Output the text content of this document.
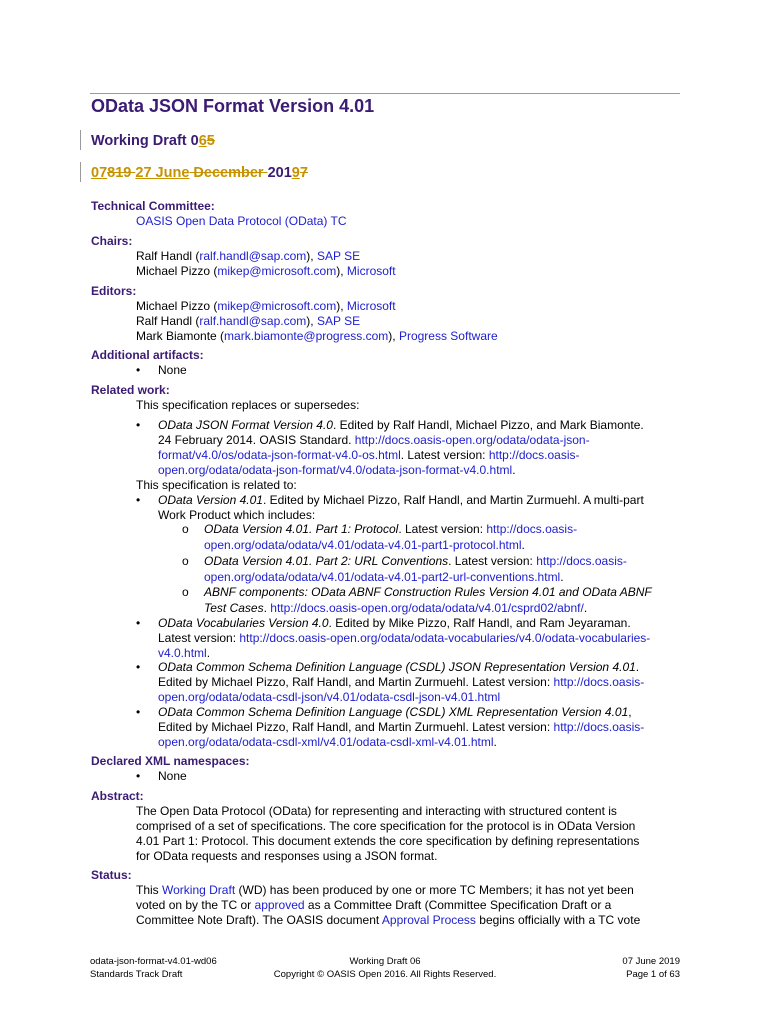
OData JSON Format Version 4.01
Working Draft 065
07819 27 June December 20197
Technical Committee:
OASIS Open Data Protocol (OData) TC
Chairs:
Ralf Handl (ralf.handl@sap.com), SAP SE
Michael Pizzo (mikep@microsoft.com), Microsoft
Editors:
Michael Pizzo (mikep@microsoft.com), Microsoft
Ralf Handl (ralf.handl@sap.com), SAP SE
Mark Biamonte (mark.biamonte@progress.com), Progress Software
Additional artifacts:
• None
Related work:
This specification replaces or supersedes:
• OData JSON Format Version 4.0. Edited by Ralf Handl, Michael Pizzo, and Mark Biamonte.
24 February 2014. OASIS Standard. http://docs.oasis-open.org/odata/odata-json-
format/v4.0/os/odata-json-format-v4.0-os.html. Latest version: http://docs.oasis-
open.org/odata/odata-json-format/v4.0/odata-json-format-v4.0.html.
This specification is related to:
• OData Version 4.01. Edited by Michael Pizzo, Ralf Handl, and Martin Zurmuehl. A multi-part
Work Product which includes:
o OData Version 4.01. Part 1: Protocol. Latest version: http://docs.oasis-
open.org/odata/odata/v4.01/odata-v4.01-part1-protocol.html.
o OData Version 4.01. Part 2: URL Conventions. Latest version: http://docs.oasis-
open.org/odata/odata/v4.01/odata-v4.01-part2-url-conventions.html.
o ABNF components: OData ABNF Construction Rules Version 4.01 and OData ABNF
Test Cases. http://docs.oasis-open.org/odata/odata/v4.01/csprd02/abnf/.
• OData Vocabularies Version 4.0. Edited by Mike Pizzo, Ralf Handl, and Ram Jeyaraman.
Latest version: http://docs.oasis-open.org/odata/odata-vocabularies/v4.0/odata-vocabularies-
v4.0.html.
• OData Common Schema Definition Language (CSDL) JSON Representation Version 4.01.
Edited by Michael Pizzo, Ralf Handl, and Martin Zurmuehl. Latest version: http://docs.oasis-
open.org/odata/odata-csdl-json/v4.01/odata-csdl-json-v4.01.html
• OData Common Schema Definition Language (CSDL) XML Representation Version 4.01,
Edited by Michael Pizzo, Ralf Handl, and Martin Zurmuehl. Latest version: http://docs.oasis-
open.org/odata/odata-csdl-xml/v4.01/odata-csdl-xml-v4.01.html.
Declared XML namespaces:
• None
Abstract:
The Open Data Protocol (OData) for representing and interacting with structured content is
comprised of a set of specifications. The core specification for the protocol is in OData Version
4.01 Part 1: Protocol. This document extends the core specification by defining representations
for OData requests and responses using a JSON format.
Status:
This Working Draft (WD) has been produced by one or more TC Members; it has not yet been
voted on by the TC or approved as a Committee Draft (Committee Specification Draft or a
Committee Note Draft). The OASIS document Approval Process begins officially with a TC vote
odata-json-format-v4.01-wd06
Standards Track Draft
Working Draft 06
Copyright © OASIS Open 2016. All Rights Reserved.
07 June 2019
Page 1 of 63
